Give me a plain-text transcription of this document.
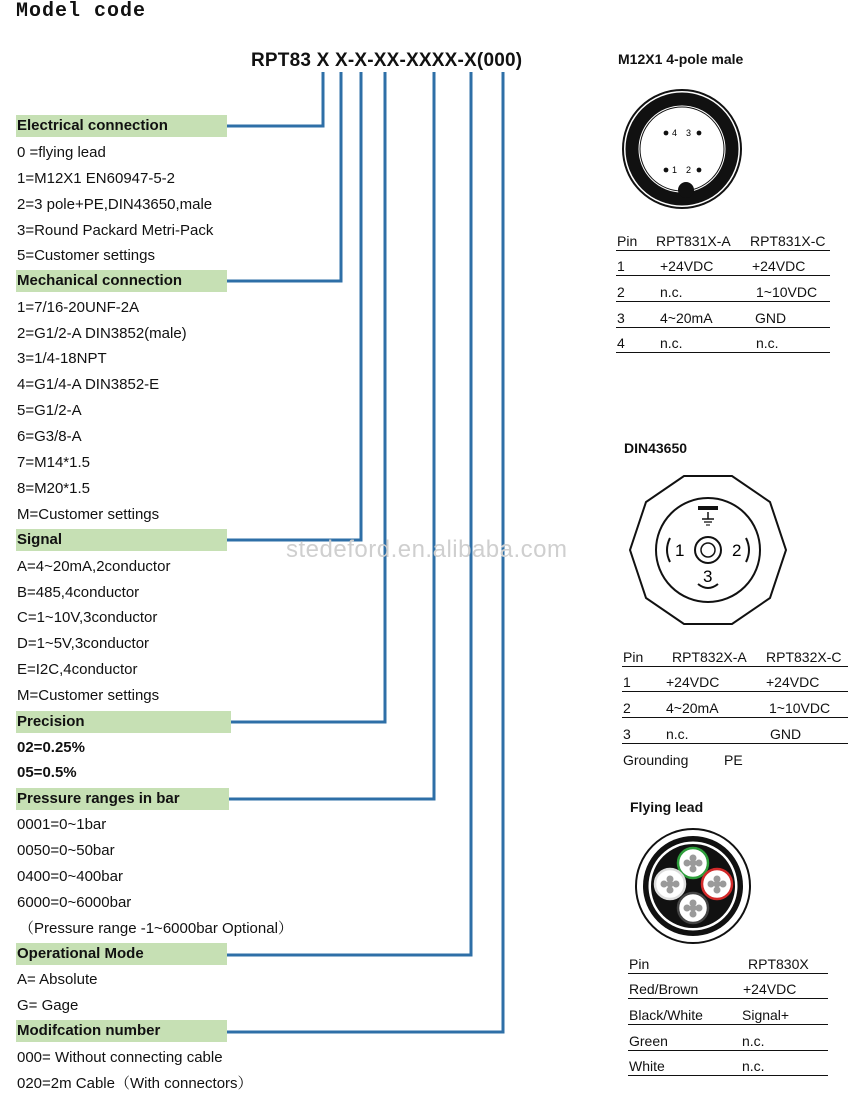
Model code
RPT83 X X-X-XX-XXXX-X(000)
Electrical connection
0 =flying lead
1=M12X1 EN60947-5-2
2=3 pole+PE,DIN43650,male
3=Round Packard Metri-Pack
5=Customer settings
Mechanical connection
1=7/16-20UNF-2A
2=G1/2-A DIN3852(male)
3=1/4-18NPT
4=G1/4-A DIN3852-E
5=G1/2-A
6=G3/8-A
7=M14*1.5
8=M20*1.5
M=Customer settings
Signal
A=4~20mA,2conductor
B=485,4conductor
C=1~10V,3conductor
D=1~5V,3conductor
E=I2C,4conductor
M=Customer settings
Precision
02=0.25%
05=0.5%
Pressure ranges in bar
0001=0~1bar
0050=0~50bar
0400=0~400bar
6000=0~6000bar
（Pressure range -1~6000bar Optional）
Operational Mode
A= Absolute
G= Gage
Modifcation number
000= Without connecting cable
020=2m Cable（With connectors）
stedeford.en.alibaba.com
M12X1 4-pole male
4 3
1 2
Pin RPT831X-A RPT831X-C
1	+24VDC	+24VDC
2	n.c.	1~10VDC
3	4~20mA	GND
4	n.c.	n.c.
DIN43650
1	2
3
Pin RPT832X-A RPT832X-C
1	+24VDC	+24VDC
2	4~20mA	1~10VDC
3	n.c.	GND
Grounding	PE
Flying lead
Pin	RPT830X
Red/Brown	+24VDC
Black/White	Signal+
Green	n.c.
White	n.c.
